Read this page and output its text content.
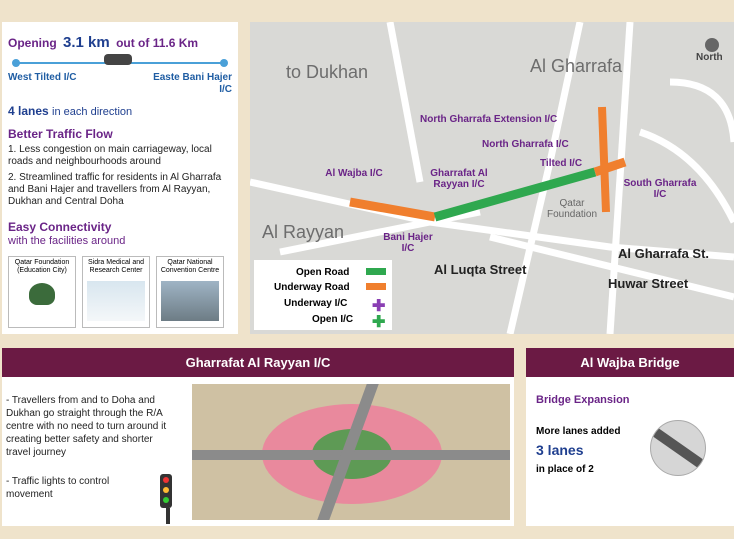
Opening 3.1 km out of 11.6 Km
West Tilted I/C	Easte Bani Hajer I/C
4 lanes in each direction
Better Traffic Flow
1. Less congestion on main carriageway, local roads and neighbourhoods around
2. Streamlined traffic for residents in Al Gharrafa and Bani Hajer and travellers from Al Rayyan, Dukhan and Central Doha
Easy Connectivity
with the facilities around
Qatar Foundation (Education City)
Sidra Medical and Research Center
Qatar National Convention Centre
to Dukhan	Al Gharrafa	North
Al Rayyan
Al Luqta Street
Al Gharrafa St.
Huwar Street
Qatar Foundation
North Gharrafa Extension I/C
North Gharrafa I/C
Tilted I/C
South Gharrafa I/C
Gharrafat Al Rayyan I/C
Al Wajba I/C
Bani Hajer I/C
Open Road
Underway Road
Underway I/C ✚
Open I/C ✚
Gharrafat Al Rayyan I/C
- Travellers from and to Doha and Dukhan go straight through the R/A centre with no need to turn around it creating better safety and shorter travel journey
- Traffic lights to control movement
Al Wajba Bridge
Bridge Expansion
More lanes added
3 lanes
in place of 2
